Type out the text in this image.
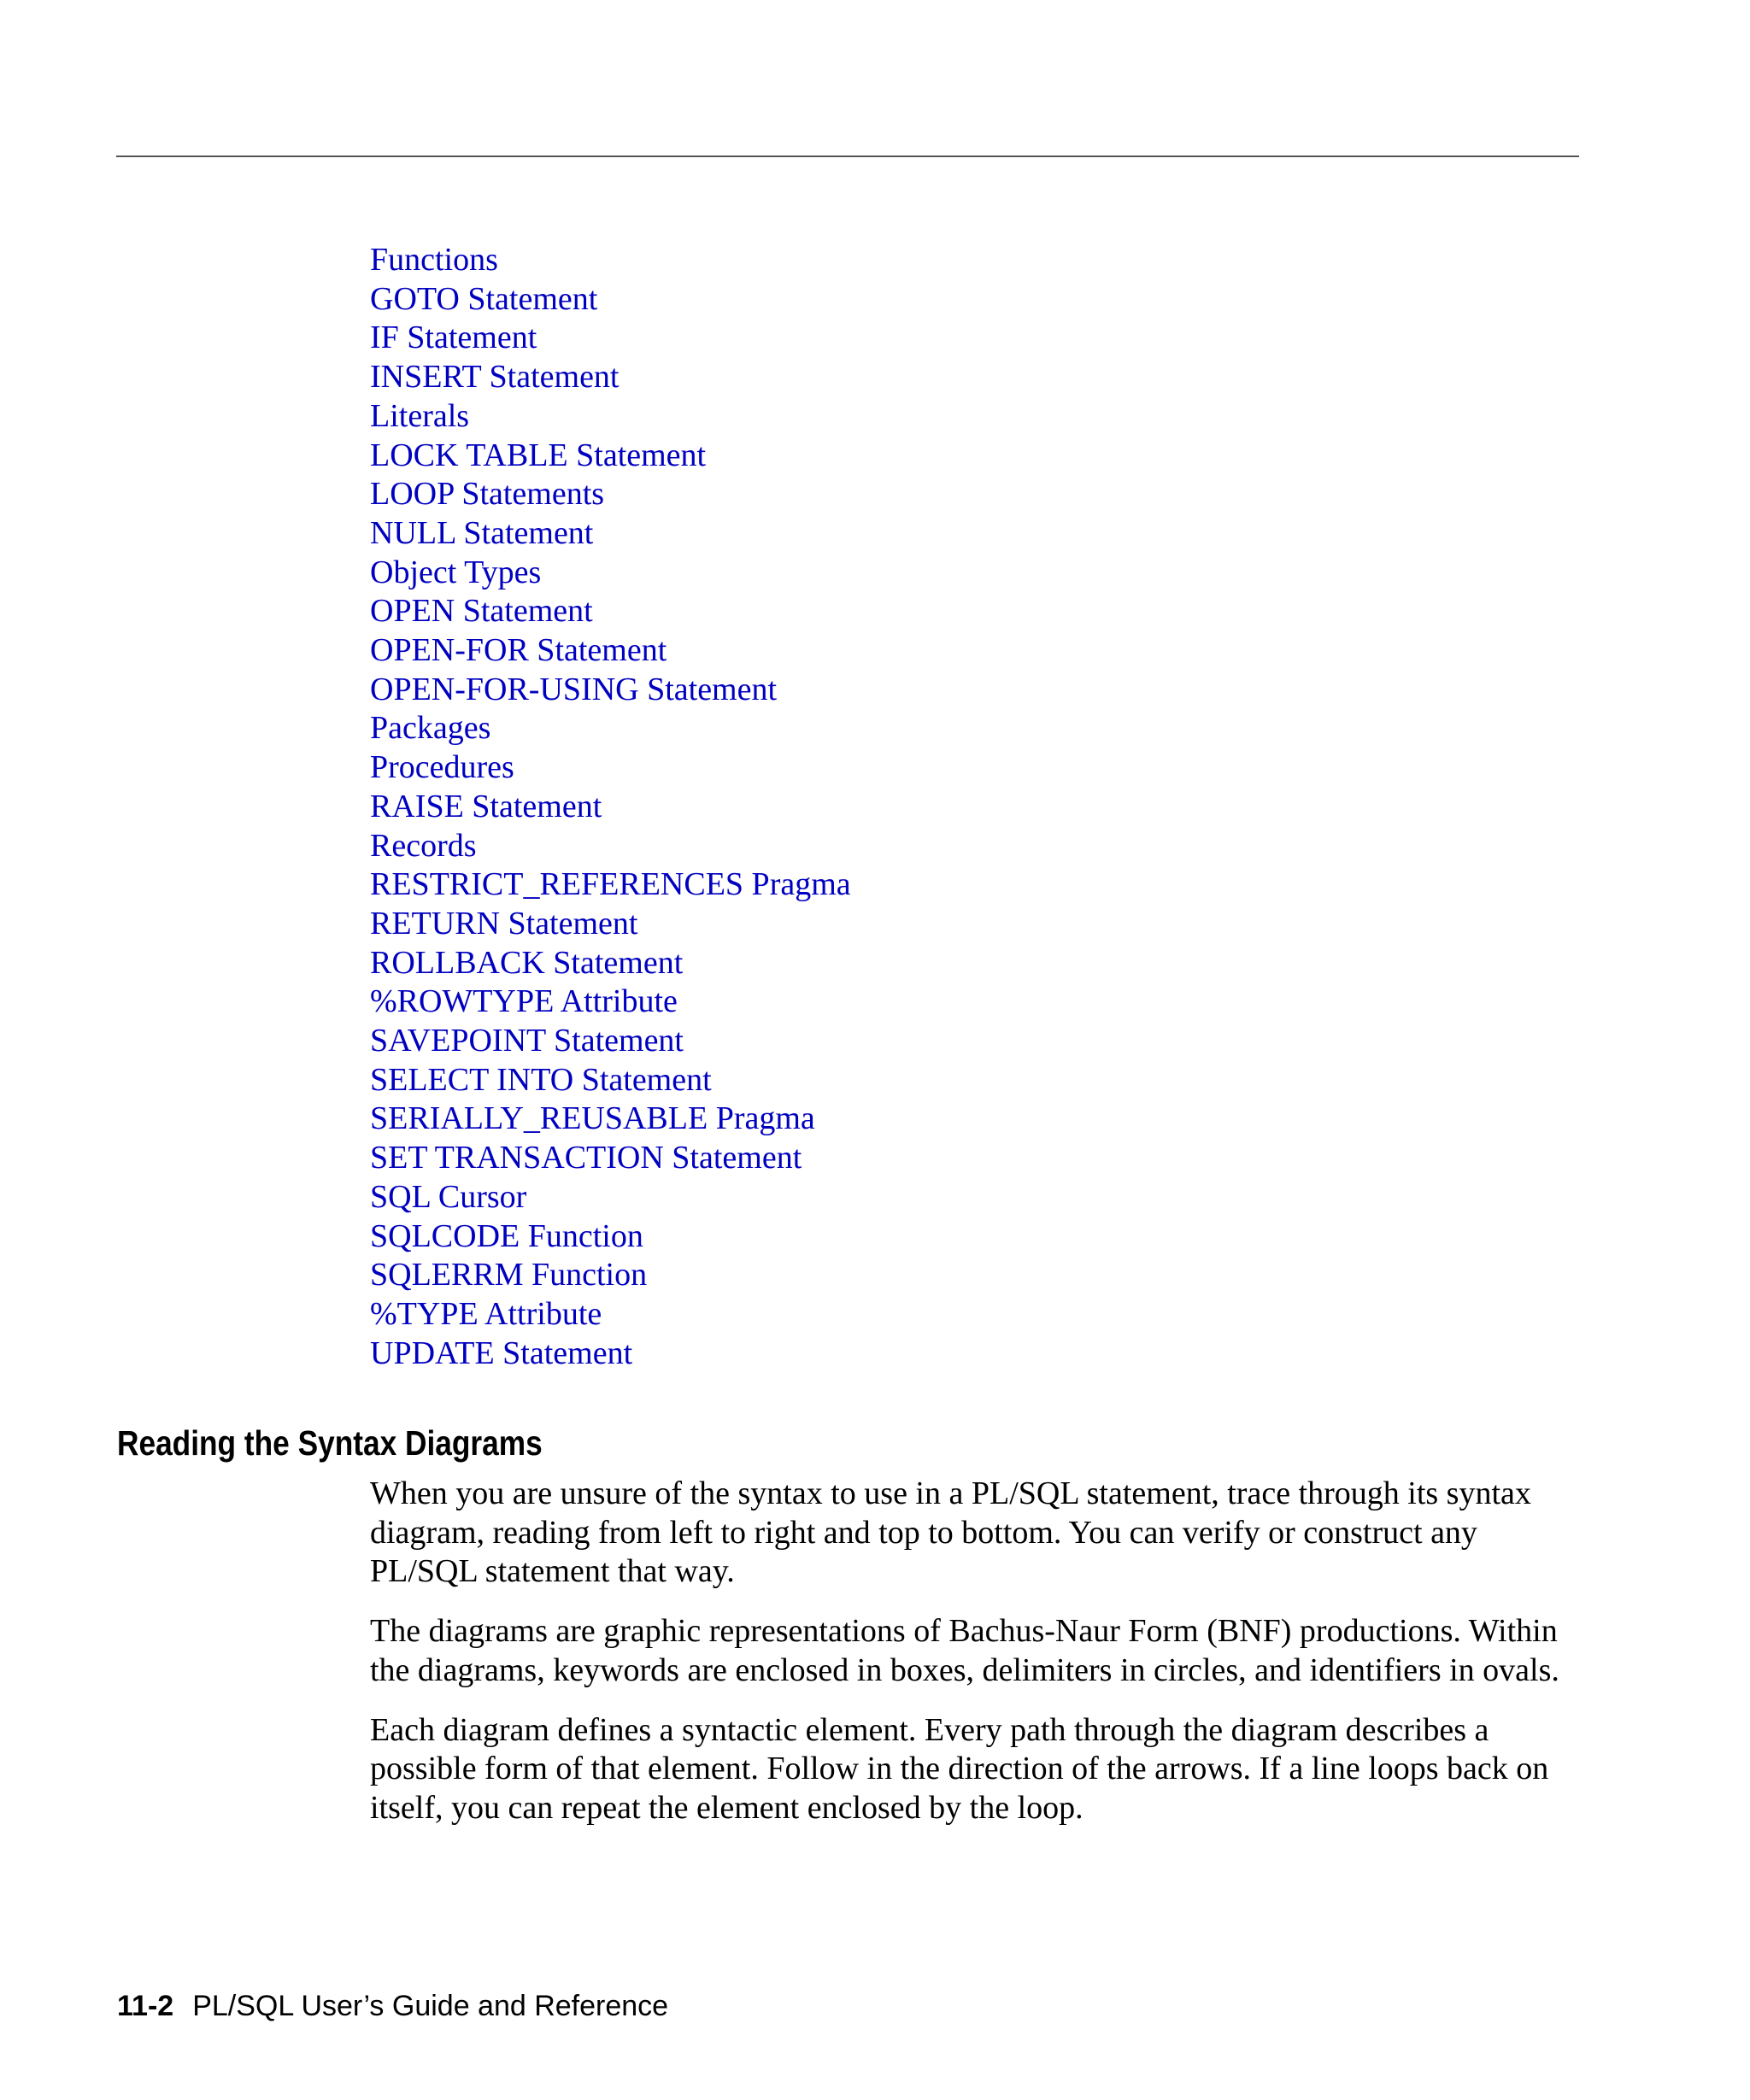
Functions
GOTO Statement
IF Statement
INSERT Statement
Literals
LOCK TABLE Statement
LOOP Statements
NULL Statement
Object Types
OPEN Statement
OPEN-FOR Statement
OPEN-FOR-USING Statement
Packages
Procedures
RAISE Statement
Records
RESTRICT_REFERENCES Pragma
RETURN Statement
ROLLBACK Statement
%ROWTYPE Attribute
SAVEPOINT Statement
SELECT INTO Statement
SERIALLY_REUSABLE Pragma
SET TRANSACTION Statement
SQL Cursor
SQLCODE Function
SQLERRM Function
%TYPE Attribute
UPDATE Statement
Reading the Syntax Diagrams

When you are unsure of the syntax to use in a PL/SQL statement, trace through its syntax diagram, reading from left to right and top to bottom. You can verify or construct any PL/SQL statement that way.

The diagrams are graphic representations of Bachus-Naur Form (BNF) productions. Within the diagrams, keywords are enclosed in boxes, delimiters in circles, and identifiers in ovals.

Each diagram defines a syntactic element. Every path through the diagram describes a possible form of that element. Follow in the direction of the arrows. If a line loops back on itself, you can repeat the element enclosed by the loop.

11-2 PL/SQL User’s Guide and Reference
